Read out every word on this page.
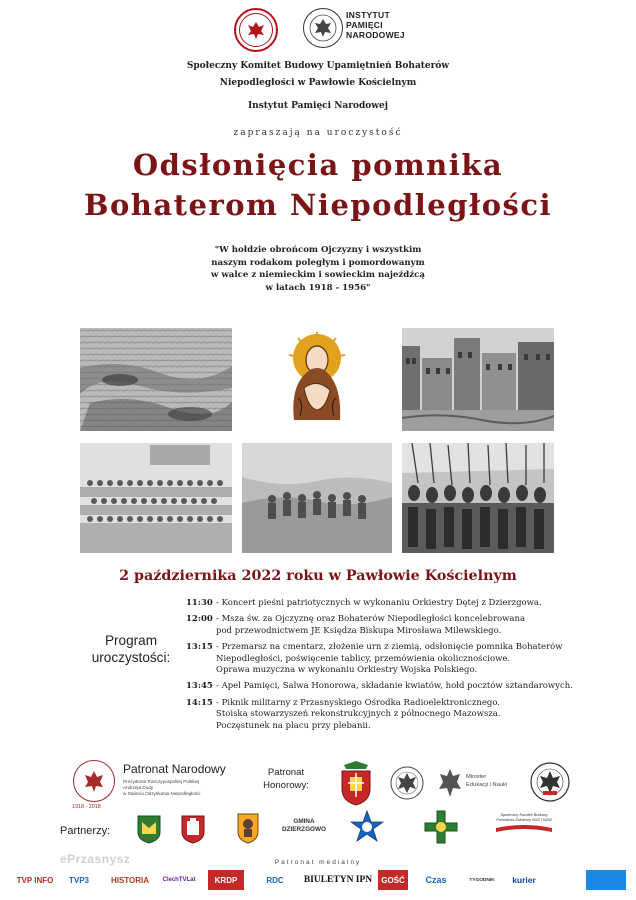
INSTYTUT
PAMIĘCI
NARODOWEJ
Społeczny Komitet Budowy Upamiętnień Bohaterów
Niepodległości w Pawłowie Kościelnym
Instytut Pamięci Narodowej
zapraszają na uroczystość
Odsłonięcia pomnika
Bohaterom Niepodległości
"W hołdzie obrońcom Ojczyzny i wszystkim
naszym rodakom poległym i pomordowanym
w walce z niemieckim i sowieckim najeźdźcą
w latach 1918 - 1956"
2 października 2022 roku w Pawłowie Kościelnym
Program
uroczystości:
11:30 - Koncert pieśni patriotycznych w wykonaniu Orkiestry Dętej z Dzierzgowa.
12:00 - Msza św. za Ojczyznę oraz Bohaterów Niepodległości koncelebrowana
pod przewodnictwem JE Księdza Biskupa Mirosława Milewskiego.
13:15 - Przemarsz na cmentarz, złożenie urn z ziemią, odsłonięcie pomnika Bohaterów
Niepodległości, poświęcenie tablicy, przemówienia okolicznościowe.
Oprawa muzyczna w wykonaniu Orkiestry Wojska Polskiego.
13:45 - Apel Pamięci, Salwa Honorowa, składanie kwiatów, hołd pocztów sztandarowych.
14:15 - Piknik militarny z Przasnyskiego Ośrodka Radioelektronicznego.
Stoiska stowarzyszeń rekonstrukcyjnych z północnego Mazowsza.
Poczęstunek na placu przy plebanii.
1918 - 2018
Patronat Narodowy
Prezydenta Rzeczypospolitej Polskiej
Andrzeja Dudy
w Stuleciu Odzyskania Niepodległości
Patronat
Honorowy:
Minister
Edukacji i Nauki
Partnerzy:
GMINA
DZIERZGOWO
Społeczny Komitet Budowy
Pomników Żołnierzy NSZ i NZW
ePrzasnysz	Patronat medialny
TVP INFO	TVP3	HISTORIA	ClechTVLat	KRDP	RDC	BIULETYN IPN	GOŚĆ	Czas	TYGODNIK	kurier
